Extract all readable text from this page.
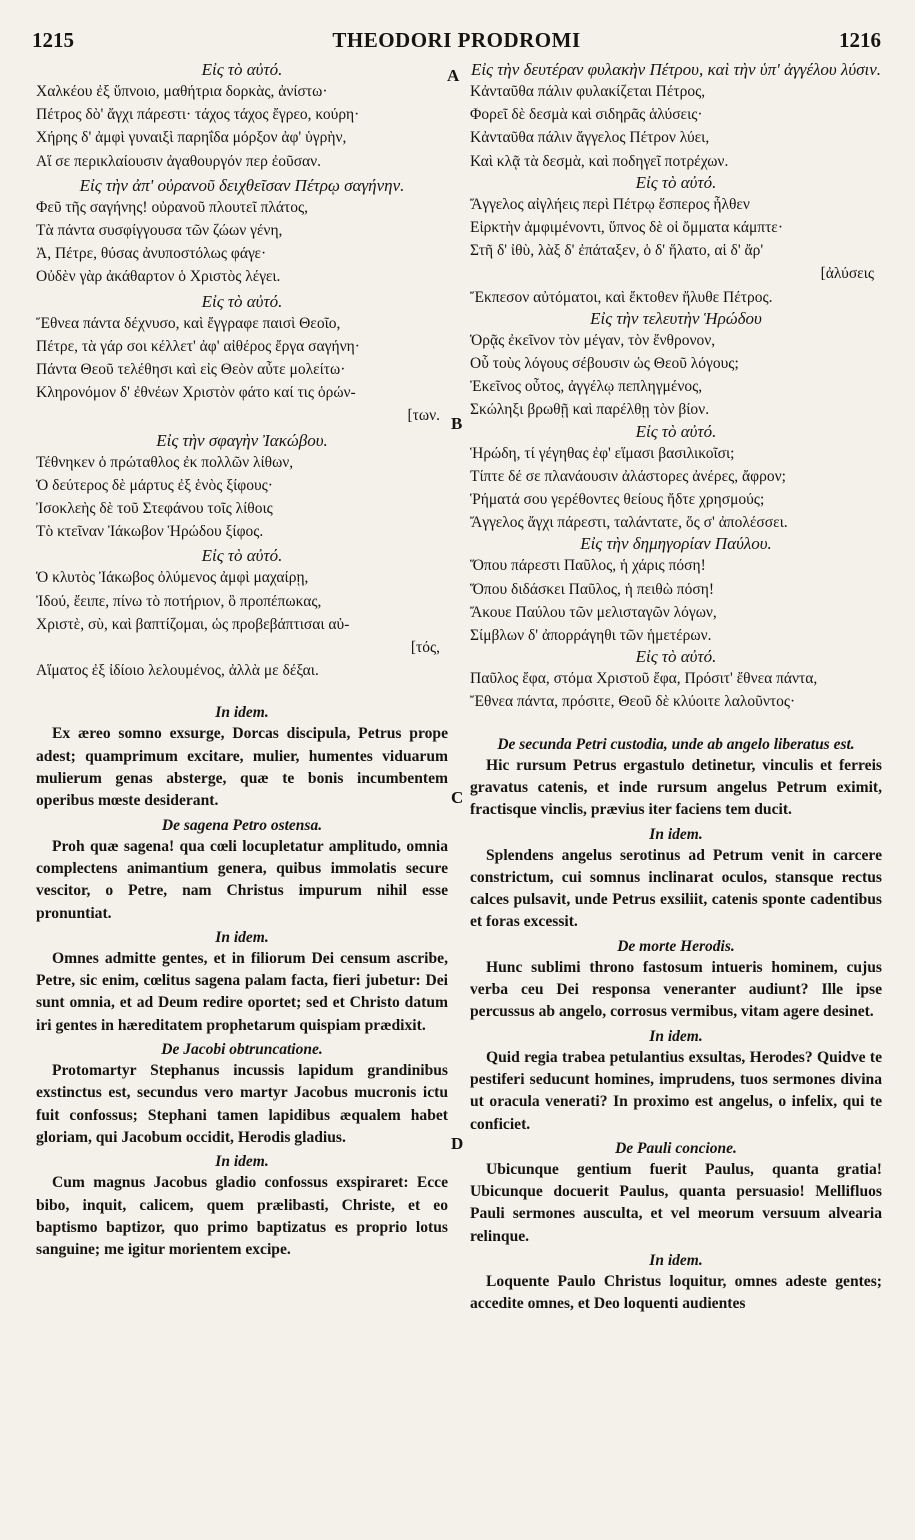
1215	THEODORI PRODROMI	1216
A
B
C
D
Εἰς τὸ αὐτό.
Χαλκέου ἐξ ὕπνοιο, μαθήτρια δορκὰς, ἀνίστω·
Πέτρος δὸ' ἄγχι πάρεστι· τάχος τάχος ἔγρεο, κούρη·
Χήρης δ' ἀμφὶ γυναιξὶ παρηΐδα μόρξον ἀφ' ὑγρὴν,
Αἵ σε περικλαίουσιν ἀγαθουργόν περ ἐοῦσαν.
Εἰς τὴν ἀπ' οὐρανοῦ δειχθεῖσαν Πέτρῳ σαγήνην.
Φεῦ τῆς σαγήνης! οὐρανοῦ πλουτεῖ πλάτος,
Τὰ πάντα συσφίγγουσα τῶν ζώων γένη,
Ἀ, Πέτρε, θύσας ἀνυποστόλως φάγε·
Οὐδὲν γὰρ ἀκάθαρτον ὁ Χριστὸς λέγει.
Εἰς τὸ αὐτό.
Ἔθνεα πάντα δέχνυσο, καὶ ἔγγραφε παισὶ Θεοῖο,
Πέτρε, τὰ γάρ σοι κέλλετ' ἀφ' αἰθέρος ἔργα σαγήνη·
Πάντα Θεοῦ τελέθησι καὶ εἰς Θεὸν αὖτε μολείτω·
Κληρονόμον δ' ἐθνέων Χριστὸν φάτο καί τις ὁρών-
[των.
Εἰς τὴν σφαγὴν Ἰακώβου.
Τέθνηκεν ὁ πρώταθλος ἐκ πολλῶν λίθων,
Ὁ δεύτερος δὲ μάρτυς ἐξ ἑνὸς ξίφους·
Ἰσοκλεὴς δὲ τοῦ Στεφάνου τοῖς λίθοις
Τὸ κτεῖναν Ἰάκωβον Ἡρώδου ξίφος.
Εἰς τὸ αὐτό.
Ὁ κλυτὸς Ἰάκωβος ὀλύμενος ἀμφὶ μαχαίρῃ,
Ἰδού, ἔειπε, πίνω τὸ ποτήριον, ὃ προπέπωκας,
Χριστὲ, σὺ, καὶ βαπτίζομαι, ὡς προβεβάπτισαι αὐ-
[τός,
Αἵματος ἐξ ἰδίοιο λελουμένος, ἀλλὰ με δέξαι.
In idem.

Ex æreo somno exsurge, Dorcas discipula, Petrus prope adest; quamprimum excitare, mulier, humentes viduarum mulierum genas absterge, quæ te bonis incumbentem operibus mœste desiderant.

De sagena Petro ostensa.

Proh quæ sagena! qua cœli locupletatur amplitudo, omnia complectens animantium genera, quibus immolatis secure vescitor, o Petre, nam Christus impurum nihil esse pronuntiat.

In idem.

Omnes admitte gentes, et in filiorum Dei censum ascribe, Petre, sic enim, cœlitus sagena palam facta, fieri jubetur: Dei sunt omnia, et ad Deum redire oportet; sed et Christo datum iri gentes in hæreditatem prophetarum quispiam prædixit.

De Jacobi obtruncatione.

Protomartyr Stephanus incussis lapidum grandinibus exstinctus est, secundus vero martyr Jacobus mucronis ictu fuit confossus; Stephani tamen lapidibus æqualem habet gloriam, qui Jacobum occidit, Herodis gladius.

In idem.

Cum magnus Jacobus gladio confossus exspiraret: Ecce bibo, inquit, calicem, quem prælibasti, Christe, et eo baptismo baptizor, quo primo baptizatus es proprio lotus sanguine; me igitur morientem excipe.

Εἰς τὴν δευτέραν φυλακὴν Πέτρου, καὶ τὴν ὑπ' ἀγγέλου λύσιν.
Κἀνταῦθα πάλιν φυλακίζεται Πέτρος,
Φορεῖ δὲ δεσμὰ καὶ σιδηρᾶς ἁλύσεις·
Κἀνταῦθα πάλιν ἄγγελος Πέτρον λύει,
Καὶ κλᾷ τὰ δεσμὰ, καὶ ποδηγεῖ ποτρέχων.
Εἰς τὸ αὐτό.
Ἄγγελος αἰγλήεις περὶ Πέτρῳ ἕσπερος ἦλθεν
Εἱρκτὴν ἀμφιμένοντι, ὕπνος δὲ οἱ ὄμματα κάμπτε·
Στῆ δ' ἰθὺ, λὰξ δ' ἐπάταξεν, ὁ δ' ἥλατο, αἱ δ' ἄρ'
[ἀλύσεις
Ἔκπεσον αὐτόματοι, καὶ ἔκτοθεν ἤλυθε Πέτρος.
Εἰς τὴν τελευτὴν Ἡρώδου
Ὁρᾷς ἐκεῖνον τὸν μέγαν, τὸν ἔνθρονον,
Οὗ τοὺς λόγους σέβουσιν ὡς Θεοῦ λόγους;
Ἐκεῖνος οὗτος, ἀγγέλῳ πεπληγμένος,
Σκώληξι βρωθῇ καὶ παρέλθῃ τὸν βίον.
Εἰς τὸ αὐτό.
Ἡρώδη, τί γέγηθας ἐφ' εἵμασι βασιλικοῖσι;
Τίπτε δέ σε πλανάουσιν ἀλάστορες ἀνέρες, ἄφρον;
Ῥήματά σου γερέθοντες θείους ἤδτε χρησμούς;
Ἄγγελος ἄγχι πάρεστι, ταλάντατε, ὅς σ' ἀπολέσσει.
Εἰς τὴν δημηγορίαν Παύλου.
Ὅπου πάρεστι Παῦλος, ἡ χάρις πόση!
Ὅπου διδάσκει Παῦλος, ἡ πειθὼ πόση!
Ἄκουε Παύλου τῶν μελισταγῶν λόγων,
Σίμβλων δ' ἀπορράγηθι τῶν ἡμετέρων.
Εἰς τὸ αὐτό.
Παῦλος ἔφα, στόμα Χριστοῦ ἔφα, Πρόσιτ' ἔθνεα πάντα,
Ἔθνεα πάντα, πρόσιτε, Θεοῦ δὲ κλύοιτε λαλοῦντος·
De secunda Petri custodia, unde ab angelo liberatus est.

Hic rursum Petrus ergastulo detinetur, vinculis et ferreis gravatus catenis, et inde rursum angelus Petrum eximit, fractisque vinclis, prævius iter faciens tem ducit.

In idem.

Splendens angelus serotinus ad Petrum venit in carcere constrictum, cui somnus inclinarat oculos, stansque rectus calces pulsavit, unde Petrus exsiliit, catenis sponte cadentibus et foras excessit.

De morte Herodis.

Hunc sublimi throno fastosum intueris hominem, cujus verba ceu Dei responsa veneranter audiunt? Ille ipse percussus ab angelo, corrosus vermibus, vitam agere desinet.

In idem.

Quid regia trabea petulantius exsultas, Herodes? Quidve te pestiferi seducunt homines, imprudens, tuos sermones divina ut oracula venerati? In proximo est angelus, o infelix, qui te conficiet.

De Pauli concione.

Ubicunque gentium fuerit Paulus, quanta gratia! Ubicunque docuerit Paulus, quanta persuasio! Mellifluos Pauli sermones ausculta, et vel meorum versuum alvearia relinque.

In idem.

Loquente Paulo Christus loquitur, omnes adeste gentes; accedite omnes, et Deo loquenti audientes
